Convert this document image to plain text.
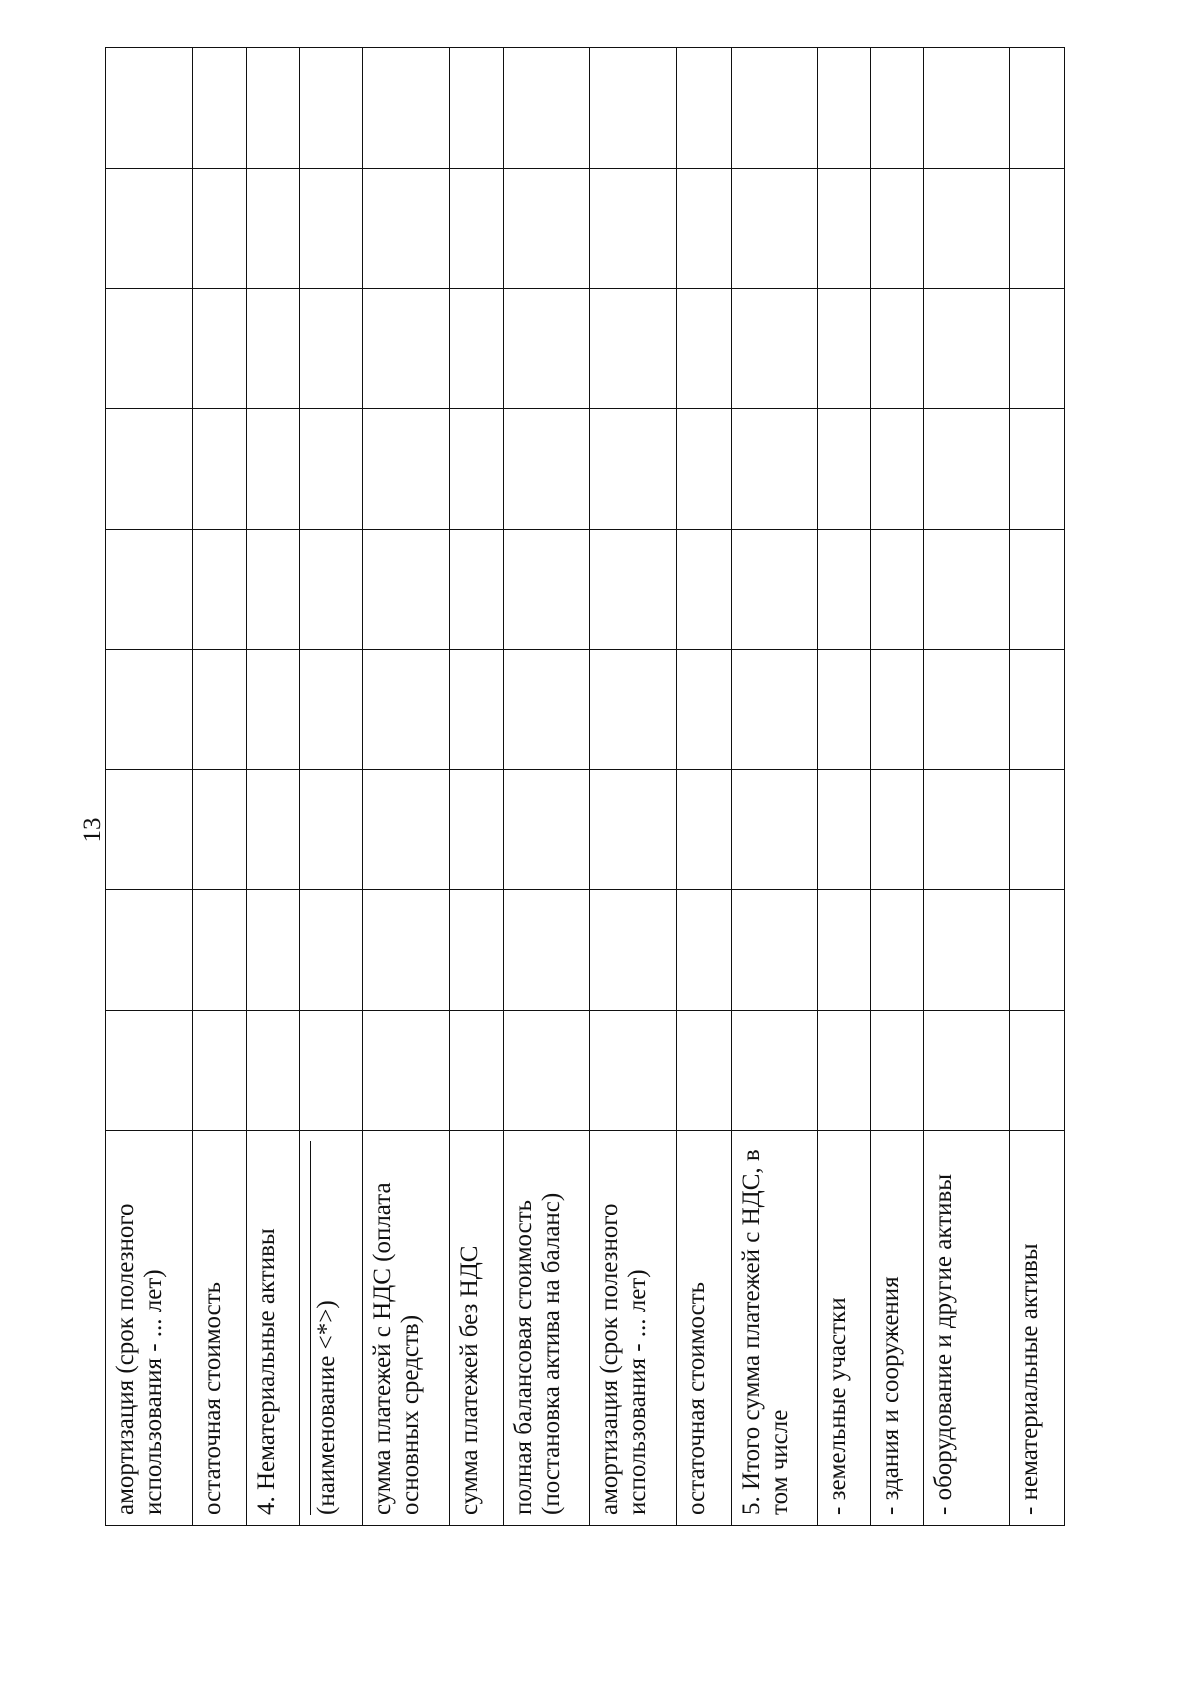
13
амортизация (срок полезного использования - ... лет)									
остаточная стоимость									
4. Нематериальные активы									
(наименование <*>)									
сумма платежей с НДС (оплата основных средств)									
сумма платежей без НДС									
полная балансовая стоимость (постановка актива на баланс)									
амортизация (срок полезного использования - ... лет)									
остаточная стоимость									
5. Итого сумма платежей с НДС, в том числе									
- земельные участки									
- здания и сооружения									
- оборудование и другие активы									
- нематериальные активы									
